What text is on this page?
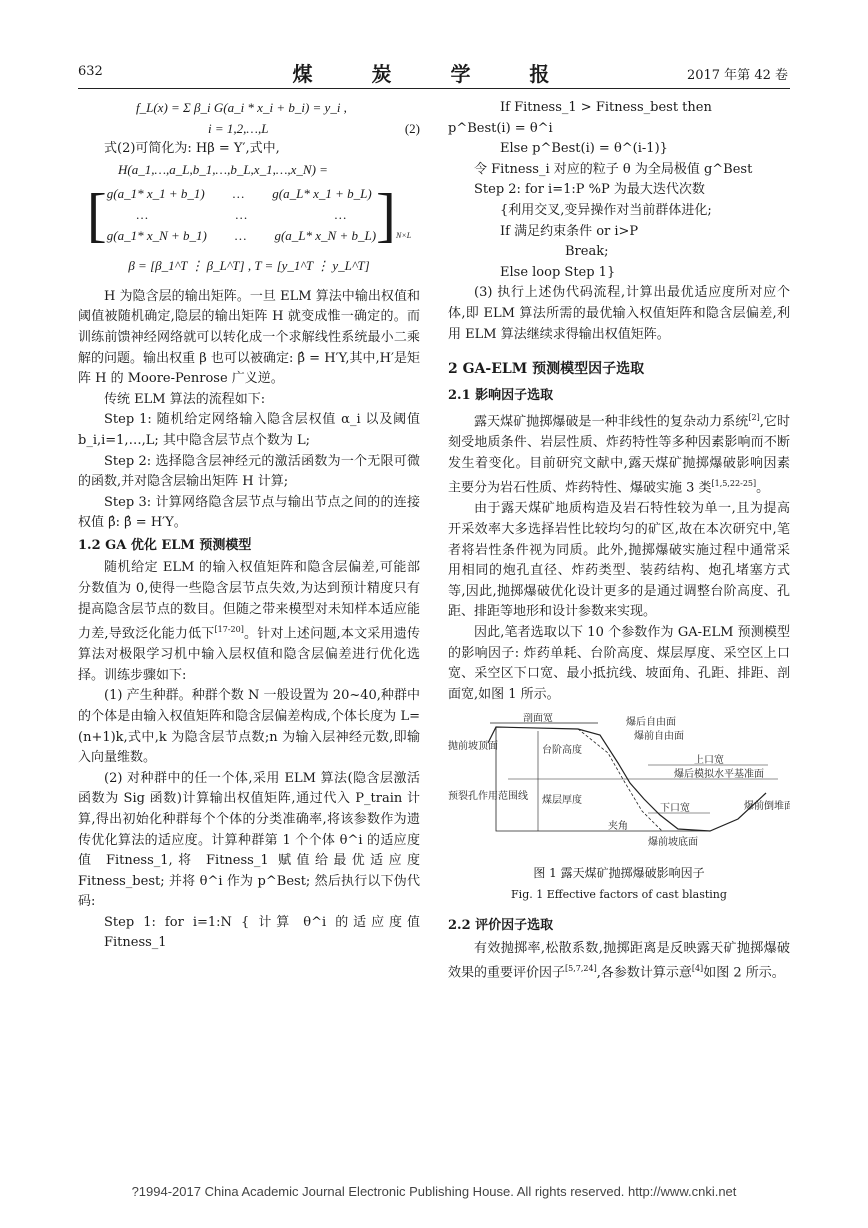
632	煤 炭 学 报	2017 年第 42 卷
f_L(x) = Σ β_i G(a_i * x_i + b_i) = y_i ,
i = 1,2,…,L	(2)

式(2)可简化为: Hβ = Y′,式中,

H(a_1,…,a_L,b_1,…,b_L,x_1,…,x_N) =
[ g(a_1* x_1 + b_1) … g(a_L* x_1 + b_L)
…	…	…
g(a_1* x_N + b_1) … g(a_L* x_N + b_L) ] N×L
β = [β_1^T ⋮ β_L^T] , T = [y_1^T ⋮ y_L^T]

H 为隐含层的输出矩阵。一旦 ELM 算法中输出权值和阈值被随机确定,隐层的输出矩阵 H 就变成惟一确定的。而训练前馈神经网络就可以转化成一个求解线性系统最小二乘解的问题。输出权重 β 也可以被确定: β̂ = H′Y,其中,H′是矩阵 H 的 Moore-Penrose 广义逆。

传统 ELM 算法的流程如下:

Step 1: 随机给定网络输入隐含层权值 α_i 以及阈值 b_i,i=1,…,L; 其中隐含层节点个数为 L;

Step 2: 选择隐含层神经元的激活函数为一个无限可微的函数,并对隐含层输出矩阵 H 计算;

Step 3: 计算网络隐含层节点与输出节点之间的的连接权值 β̂: β̂ = H′Y。

1.2 GA 优化 ELM 预测模型

随机给定 ELM 的输入权值矩阵和隐含层偏差,可能部分数值为 0,使得一些隐含层节点失效,为达到预计精度只有提高隐含层节点的数目。但随之带来模型对未知样本适应能力差,导致泛化能力低下[17-20]。针对上述问题,本文采用遗传算法对极限学习机中输入层权值和隐含层偏差进行优化选择。训练步骤如下:

(1) 产生种群。种群个数 N 一般设置为 20~40,种群中的个体是由输入权值矩阵和隐含层偏差构成,个体长度为 L=(n+1)k,式中,k 为隐含层节点数;n 为输入层神经元数,即输入向量维数。

(2) 对种群中的任一个体,采用 ELM 算法(隐含层激活函数为 Sig 函数)计算输出权值矩阵,通过代入 P_train 计算,得出初始化种群每个个体的分类准确率,将该参数作为遗传优化算法的适应度。计算种群第 1 个个体 θ^i 的适应度值 Fitness_1,将 Fitness_1 赋值给最优适应度 Fitness_best; 并将 θ^i 作为 p^Best; 然后执行以下伪代码:

Step 1: for i=1:N { 计算 θ^i 的适应度值 Fitness_1

If Fitness_1 > Fitness_best then

p^Best(i) = θ^i

Else p^Best(i) = θ^(i-1)}

令 Fitness_i 对应的粒子 θ 为全局极值 g^Best

Step 2: for i=1:P %P 为最大迭代次数

{利用交叉,变异操作对当前群体进化;

If 满足约束条件 or i>P

Break;

Else loop Step 1}

(3) 执行上述伪代码流程,计算出最优适应度所对应个体,即 ELM 算法所需的最优输入权值矩阵和隐含层偏差,利用 ELM 算法继续求得输出权值矩阵。

2 GA-ELM 预测模型因子选取
2.1 影响因子选取

露天煤矿抛掷爆破是一种非线性的复杂动力系统[2],它时刻受地质条件、岩层性质、炸药特性等多种因素影响而不断发生着变化。目前研究文献中,露天煤矿抛掷爆破影响因素主要分为岩石性质、炸药特性、爆破实施 3 类[1,5,22-25]。

由于露天煤矿地质构造及岩石特性较为单一,且为提高开采效率大多选择岩性比较均匀的矿区,故在本次研究中,笔者将岩性条件视为同质。此外,抛掷爆破实施过程中通常采用相同的炮孔直径、炸药类型、装药结构、炮孔堵塞方式等,因此,抛掷爆破优化设计更多的是通过调整台阶高度、孔距、排距等地形和设计参数来实现。

因此,笔者选取以下 10 个参数作为 GA-ELM 预测模型的影响因子: 炸药单耗、台阶高度、煤层厚度、采空区上口宽、采空区下口宽、最小抵抗线、坡面角、孔距、排距、剖面宽,如图 1 所示。

剖面宽	爆后自由面
爆前自由面
上口宽
爆后模拟水平基准面
台阶高度
抛前坡顶面
预裂孔作用范围线 煤层厚度
下口宽
夹角
爆前坡底面
爆前倒堆面
图 1 露天煤矿抛掷爆破影响因子
Fig. 1 Effective factors of cast blasting
2.2 评价因子选取

有效抛掷率,松散系数,抛掷距离是反映露天矿抛掷爆破效果的重要评价因子[5,7,24],各参数计算示意[4]如图 2 所示。

?1994-2017 China Academic Journal Electronic Publishing House. All rights reserved. http://www.cnki.net
